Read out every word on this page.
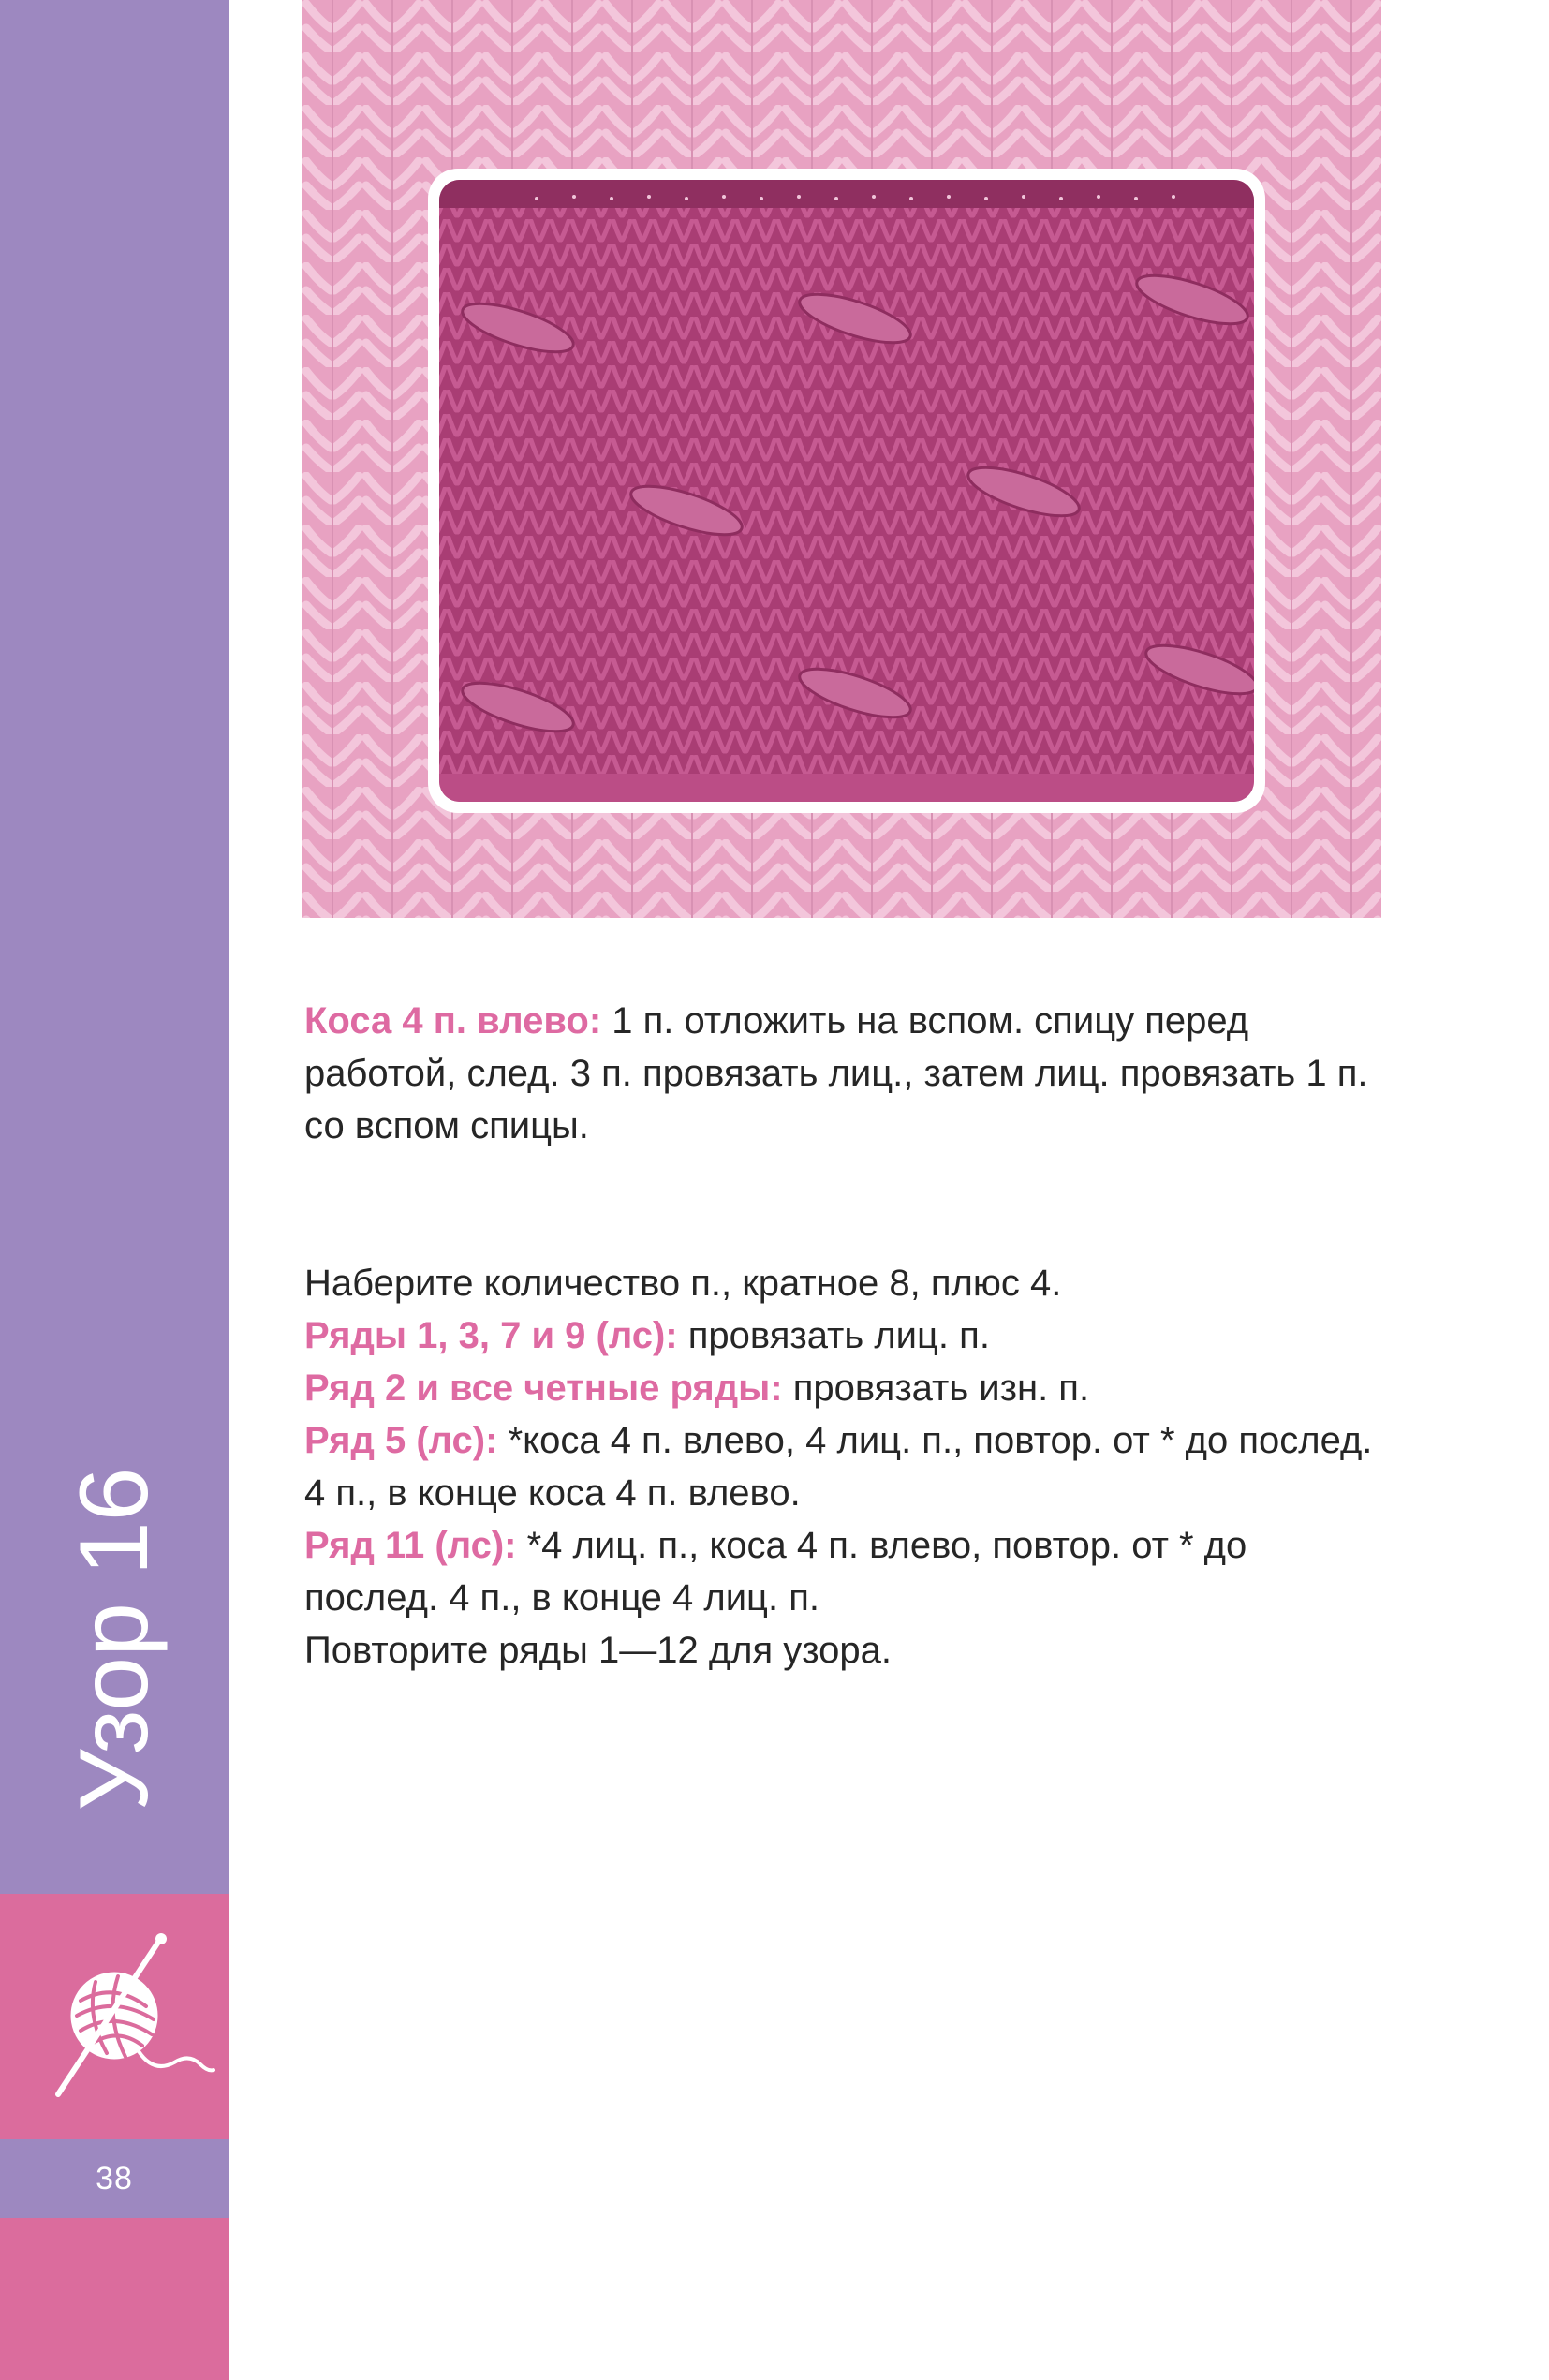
Узор 16
38

Коса 4 п. влево: 1 п. отложить на вспом. спицу перед работой, след. 3 п. провязать лиц., затем лиц. провязать 1 п. со вспом спицы.

Наберите количество п., кратное 8, плюс 4.

Ряды 1, 3, 7 и 9 (лс): провязать лиц. п.

Ряд 2 и все четные ряды: провязать изн. п.

Ряд 5 (лс): *коса 4 п. влево, 4 лиц. п., повтор. от * до послед. 4 п., в конце коса 4 п. влево.

Ряд 11 (лс): *4 лиц. п., коса 4 п. влево, повтор. от * до послед. 4 п., в конце 4 лиц. п.

Повторите ряды 1—12 для узора.
